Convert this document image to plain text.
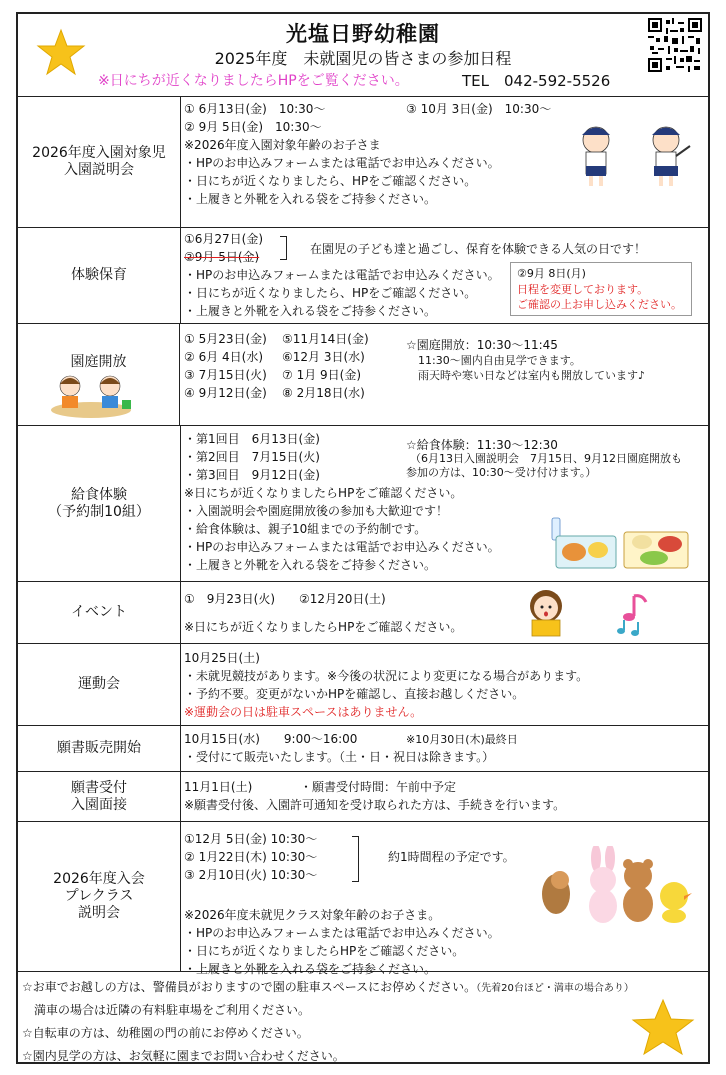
光塩日野幼稚園
2025年度　未就園児の皆さまの参加日程
※日にちが近くなりましたらHPをご覧ください。	TEL　042-592-5526
2026年度入園対象児
入園説明会
① 6月13日(金)　10:30～	③ 10月 3日(金)　10:30～
② 9月 5日(金)　10:30～
※2026年度入園対象年齢のお子さま
・HPのお申込みフォームまたは電話でお申込みください。
・日にちが近くなりましたら、HPをご確認ください。
・上履きと外靴を入れる袋をご持参ください。
体験保育
①6月27日(金)
②9月 5日(金)
在園児の子ども達と過ごし、保育を体験できる人気の日です！
・HPのお申込みフォームまたは電話でお申込みください。
・日にちが近くなりましたら、HPをご確認ください。
・上履きと外靴を入れる袋をご持参ください。
②9月 8日(月)
日程を変更しております。
ご確認の上お申し込みください。
園庭開放
① 5月23日(金) ⑤11月14日(金)
② 6月 4日(水) ⑥12月 3日(水)
③ 7月15日(火) ⑦ 1月 9日(金)
④ 9月12日(金) ⑧ 2月18日(水)
☆園庭開放：10:30～11:45
11:30～園内自由見学できます。
雨天時や寒い日などは室内も開放しています♪
給食体験
（予約制10組）
・第1回目　6月13日(金)
・第2回目　7月15日(火)
・第3回目　9月12日(金)
※日にちが近くなりましたらHPをご確認ください。
・入園説明会や園庭開放後の参加も大歓迎です！
・給食体験は、親子10組までの予約制です。
・HPのお申込みフォームまたは電話でお申込みください。
・上履きと外靴を入れる袋をご持参ください。
☆給食体験：11:30～12:30
（6月13日入園説明会　7月15日、9月12日園庭開放も
参加の方は、10:30～受け付けます。）
イベント
①　9月23日(火)　　②12月20日(土)
※日にちが近くなりましたらHPをご確認ください。
運動会
10月25日(土)
・未就児競技があります。※今後の状況により変更になる場合があります。
・予約不要。変更がないかHPを確認し、直接お越しください。
※運動会の日は駐車スペースはありません。
願書販売開始
10月15日(水)　　9:00～16:00	※10月30日(木)最終日
・受付にて販売いたします。（土・日・祝日は除きます。）
願書受付
入園面接
11月1日(土)	・願書受付時間：午前中予定
※願書受付後、入園許可通知を受け取られた方は、手続きを行います。
2026年度入会
プレクラス
説明会
①12月 5日(金) 10:30～
② 1月22日(木) 10:30～
③ 2月10日(火) 10:30～
約1時間程の予定です。
※2026年度未就児クラス対象年齢のお子さま。
・HPのお申込みフォームまたは電話でお申込みください。
・日にちが近くなりましたらHPをご確認ください。
・上履きと外靴を入れる袋をご持参ください。
☆お車でお越しの方は、警備員がおりますので園の駐車スペースにお停めください。（先着20台ほど・満車の場合あり）
満車の場合は近隣の有料駐車場をご利用ください。
☆自転車の方は、幼稚園の門の前にお停めください。
☆園内見学の方は、お気軽に園までお問い合わせください。
